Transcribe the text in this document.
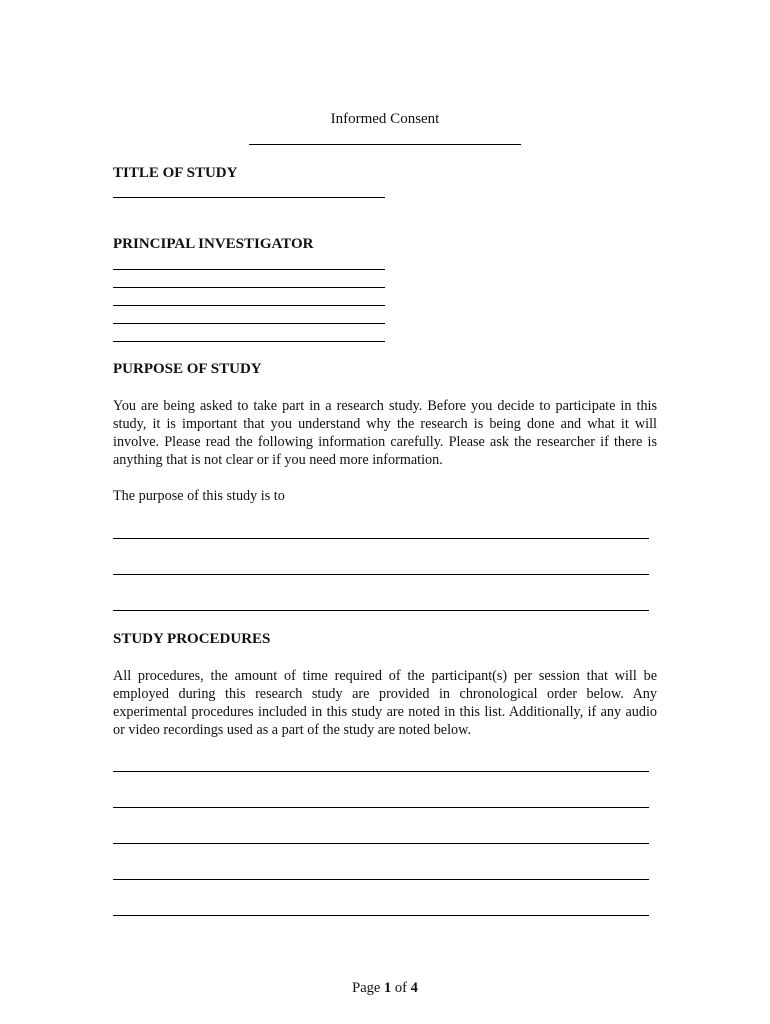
Informed Consent
TITLE OF STUDY
PRINCIPAL INVESTIGATOR
PURPOSE OF STUDY
You are being asked to take part in a research study. Before you decide to participate in this study, it is important that you understand why the research is being done and what it will involve. Please read the following information carefully. Please ask the researcher if there is anything that is not clear or if you need more information.
The purpose of this study is to
STUDY PROCEDURES
All procedures, the amount of time required of the participant(s) per session that will be employed during this research study are provided in chronological order below. Any experimental procedures included in this study are noted in this list. Additionally, if any audio or video recordings used as a part of the study are noted below.
Page 1 of 4
